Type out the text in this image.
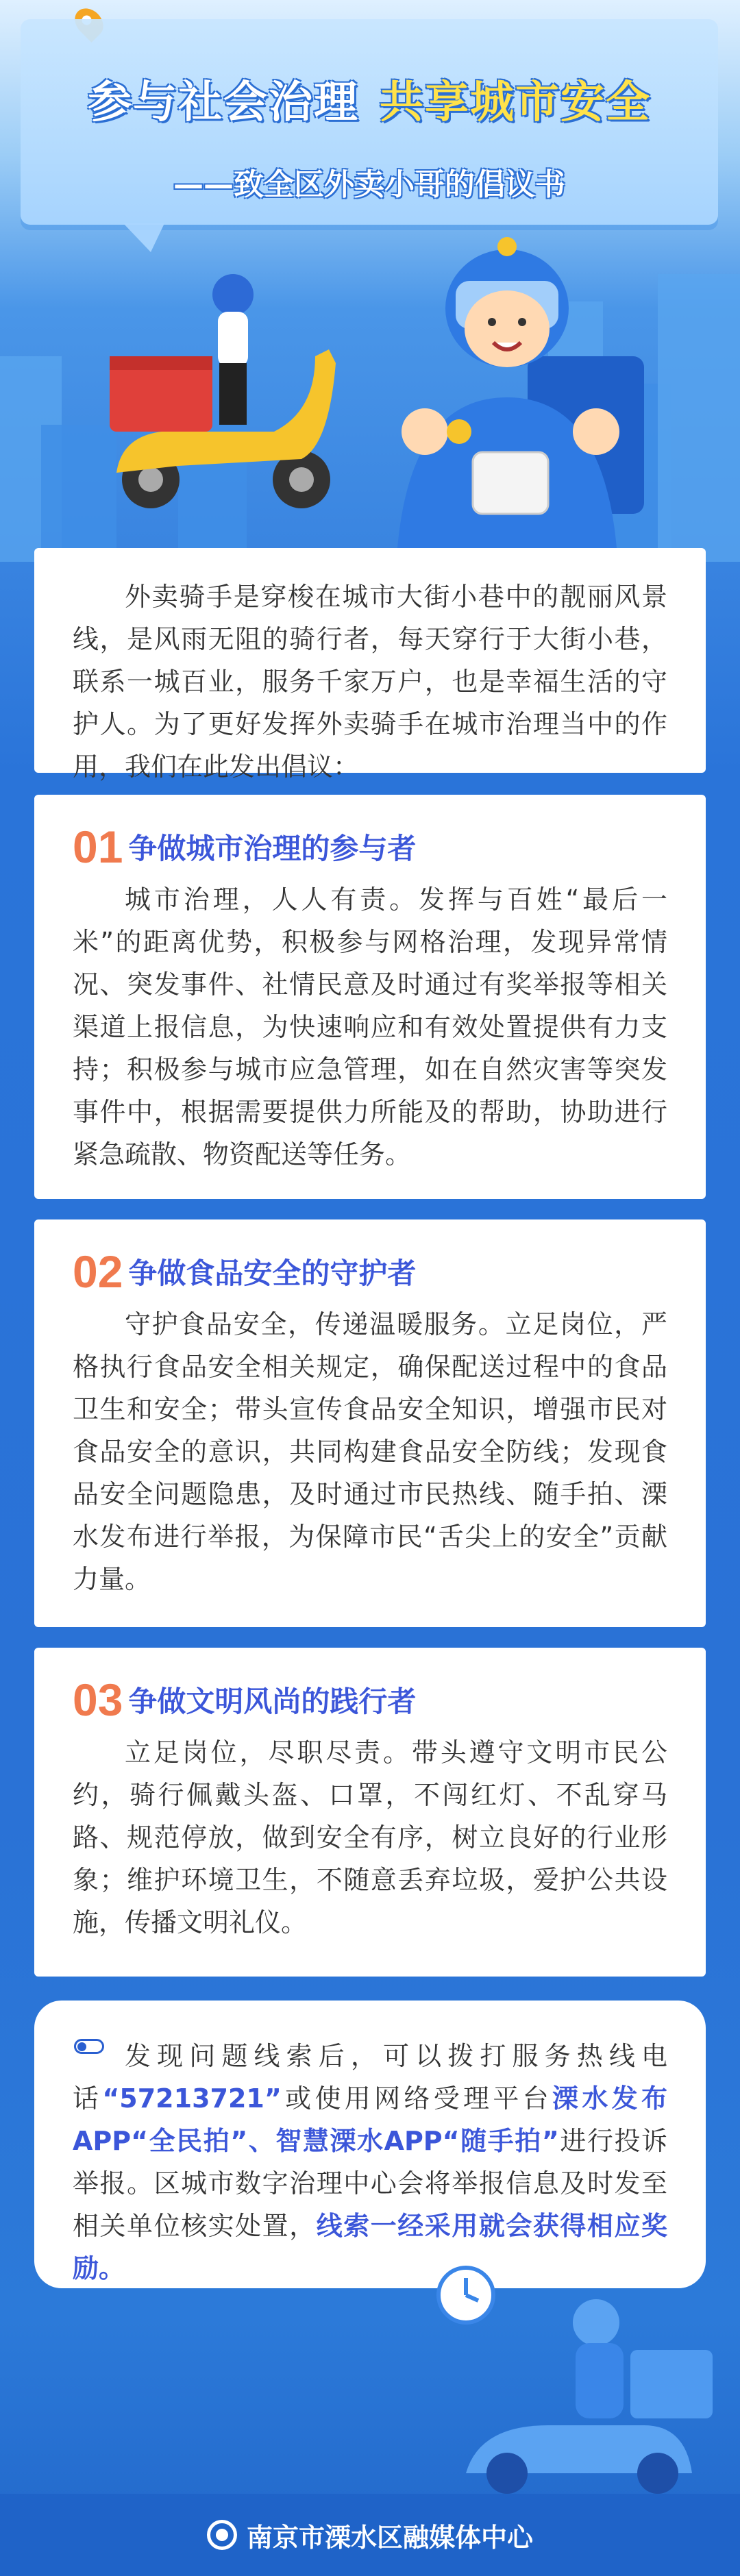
参与社会治理 共享城市安全
——致全区外卖小哥的倡议书

外卖骑手是穿梭在城市大街小巷中的靓丽风景线，是风雨无阻的骑行者，每天穿行于大街小巷，联系一城百业，服务千家万户，也是幸福生活的守护人。为了更好发挥外卖骑手在城市治理当中的作用，我们在此发出倡议：

01 争做城市治理的参与者

城市治理，人人有责。发挥与百姓“最后一米”的距离优势，积极参与网格治理，发现异常情况、突发事件、社情民意及时通过有奖举报等相关渠道上报信息，为快速响应和有效处置提供有力支持；积极参与城市应急管理，如在自然灾害等突发事件中，根据需要提供力所能及的帮助，协助进行紧急疏散、物资配送等任务。

02 争做食品安全的守护者

守护食品安全，传递温暖服务。立足岗位，严格执行食品安全相关规定，确保配送过程中的食品卫生和安全；带头宣传食品安全知识，增强市民对食品安全的意识，共同构建食品安全防线；发现食品安全问题隐患，及时通过市民热线、随手拍、溧水发布进行举报，为保障市民“舌尖上的安全”贡献力量。

03 争做文明风尚的践行者

立足岗位，尽职尽责。带头遵守文明市民公约，骑行佩戴头盔、口罩，不闯红灯、不乱穿马路、规范停放，做到安全有序，树立良好的行业形象；维护环境卫生，不随意丢弃垃圾，爱护公共设施，传播文明礼仪。

发现问题线索后，可以拨打服务热线电话“57213721”或使用网络受理平台溧水发布APP“全民拍”、智慧溧水APP“随手拍”进行投诉举报。区城市数字治理中心会将举报信息及时发至相关单位核实处置，线索一经采用就会获得相应奖励。

南京市溧水区融媒体中心
